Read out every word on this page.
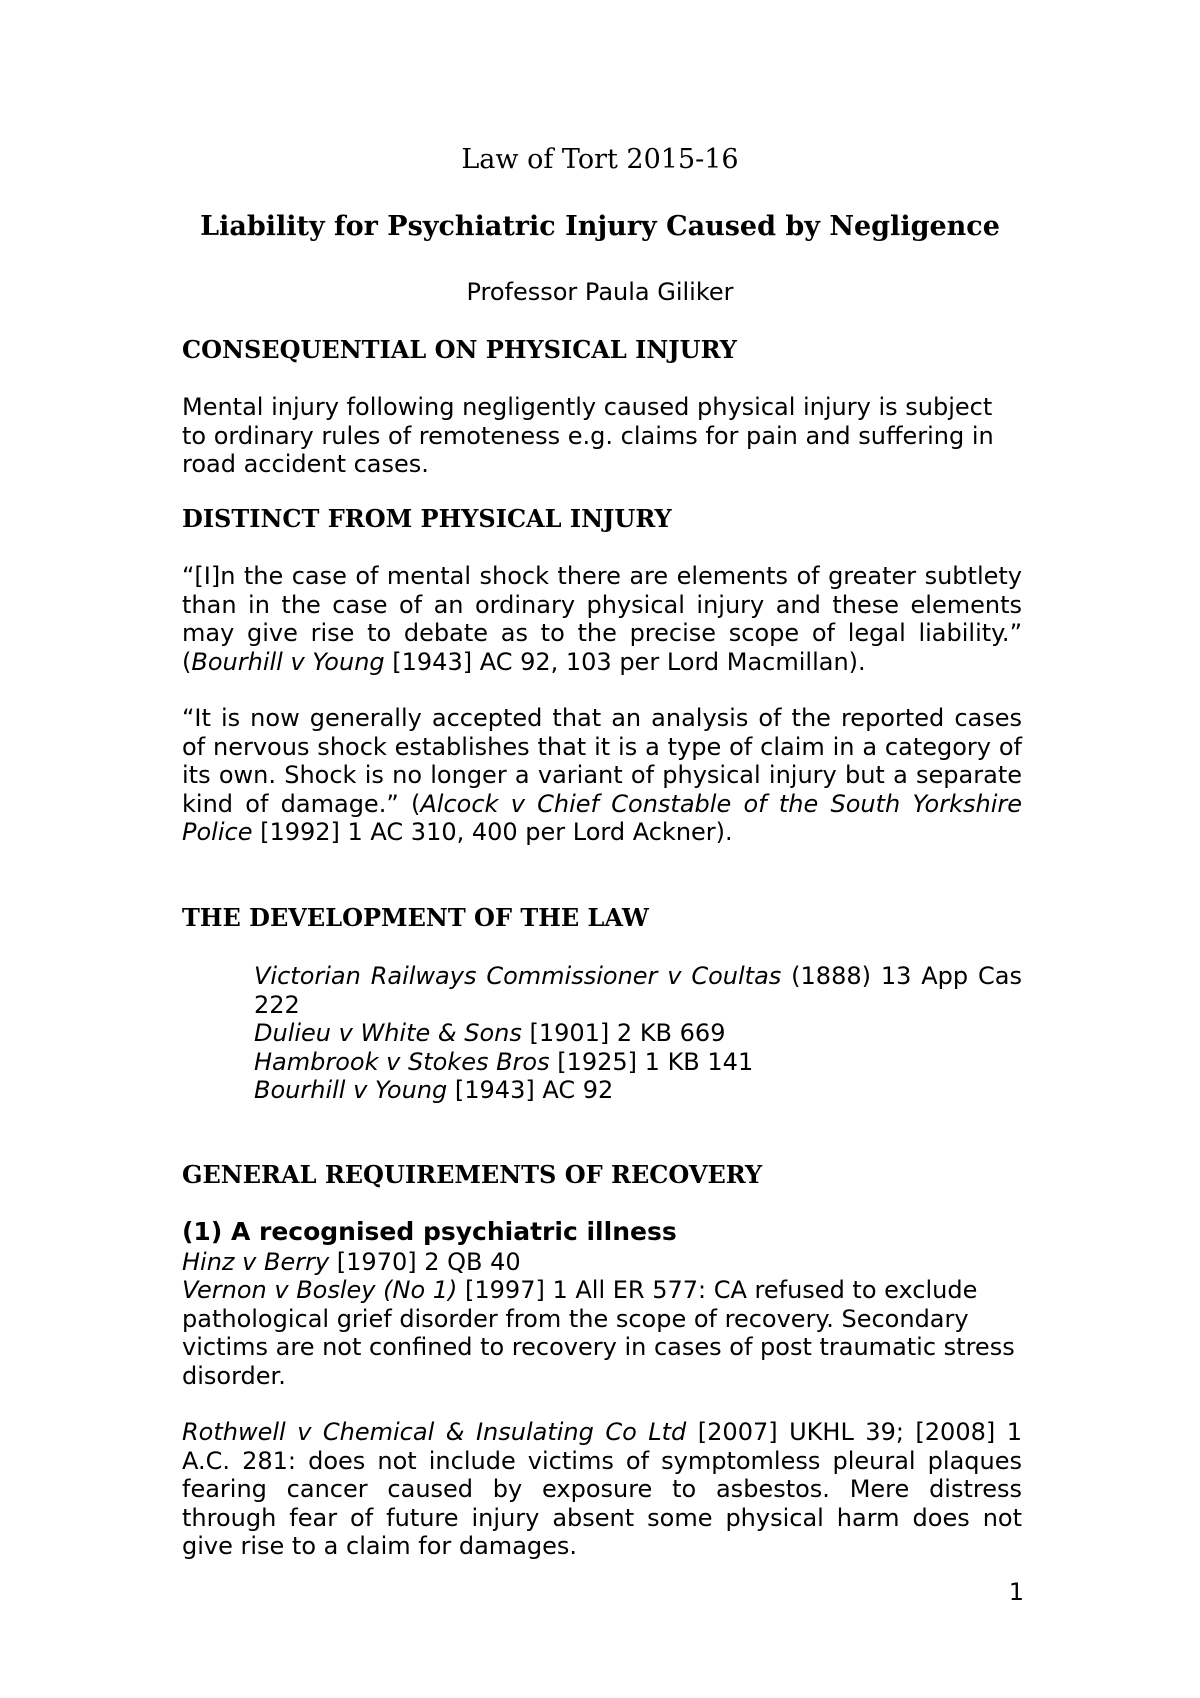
Law of Tort 2015-16
Liability for Psychiatric Injury Caused by Negligence
Professor Paula Giliker
CONSEQUENTIAL ON PHYSICAL INJURY
Mental injury following negligently caused physical injury is subject to ordinary rules of remoteness e.g. claims for pain and suffering in road accident cases.
DISTINCT FROM PHYSICAL INJURY
“[I]n the case of mental shock there are elements of greater subtlety than in the case of an ordinary physical injury and these elements may give rise to debate as to the precise scope of legal liability.” (Bourhill v Young [1943] AC 92, 103 per Lord Macmillan).
“It is now generally accepted that an analysis of the reported cases of nervous shock establishes that it is a type of claim in a category of its own. Shock is no longer a variant of physical injury but a separate kind of damage.” (Alcock v Chief Constable of the South Yorkshire Police [1992] 1 AC 310, 400 per Lord Ackner).
THE DEVELOPMENT OF THE LAW
Victorian Railways Commissioner v Coultas (1888) 13 App Cas 222
Dulieu v White & Sons [1901] 2 KB 669
Hambrook v Stokes Bros [1925] 1 KB 141
Bourhill v Young [1943] AC 92
GENERAL REQUIREMENTS OF RECOVERY
(1) A recognised psychiatric illness
Hinz v Berry [1970] 2 QB 40
Vernon v Bosley (No 1) [1997] 1 All ER 577: CA refused to exclude pathological grief disorder from the scope of recovery. Secondary victims are not confined to recovery in cases of post traumatic stress disorder.
Rothwell v Chemical & Insulating Co Ltd [2007] UKHL 39; [2008] 1 A.C. 281: does not include victims of symptomless pleural plaques fearing cancer caused by exposure to asbestos. Mere distress through fear of future injury absent some physical harm does not give rise to a claim for damages.
1
